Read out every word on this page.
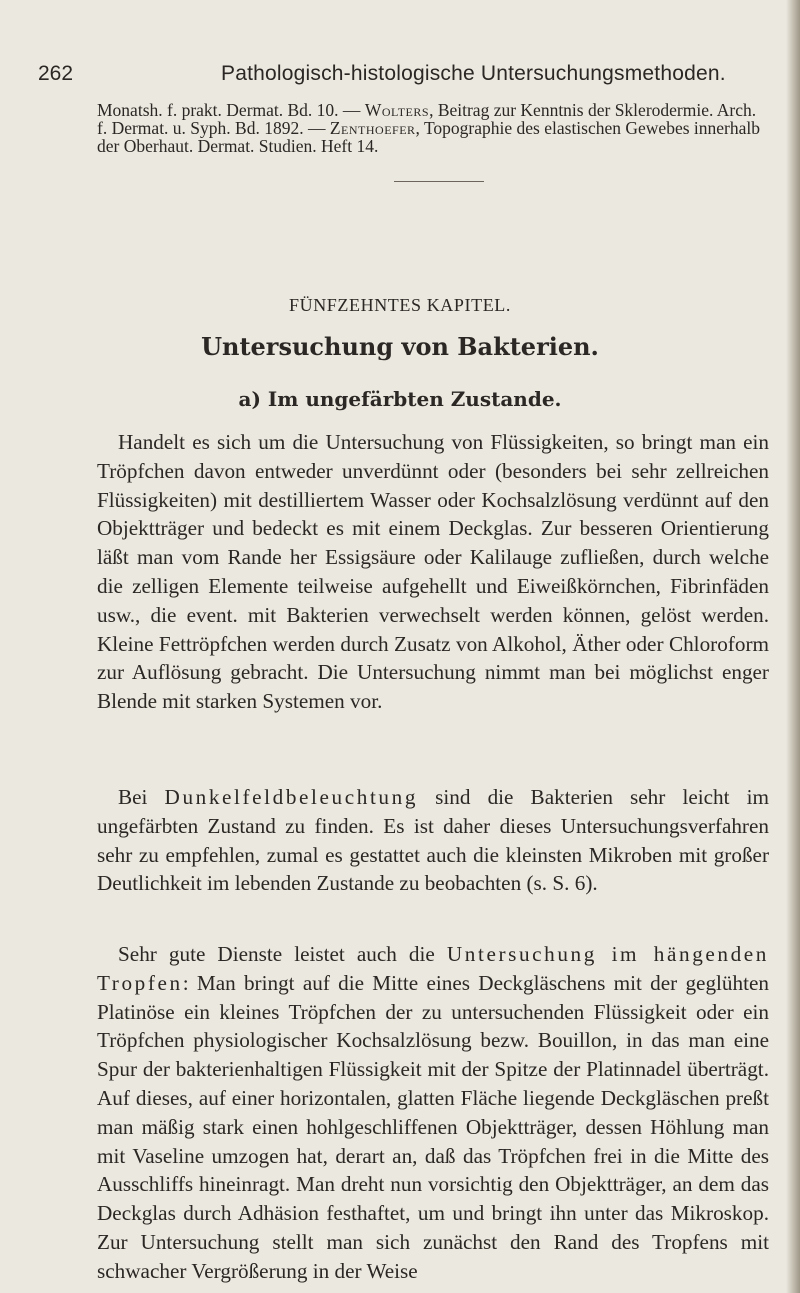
262	Pathologisch-histologische Untersuchungsmethoden.

Monatsh. f. prakt. Dermat. Bd. 10. — Wolters, Beitrag zur Kenntnis der Sklerodermie. Arch. f. Dermat. u. Syph. Bd. 1892. — Zenthoefer, Topographie des elastischen Gewebes innerhalb der Oberhaut. Dermat. Studien. Heft 14.

FÜNFZEHNTES KAPITEL.
Untersuchung von Bakterien.
a) Im ungefärbten Zustande.

Handelt es sich um die Untersuchung von Flüssigkeiten, so bringt man ein Tröpfchen davon entweder unverdünnt oder (besonders bei sehr zellreichen Flüssigkeiten) mit destilliertem Wasser oder Kochsalzlösung verdünnt auf den Objektträger und bedeckt es mit einem Deckglas. Zur besseren Orientierung läßt man vom Rande her Essigsäure oder Kalilauge zufließen, durch welche die zelligen Elemente teilweise aufgehellt und Eiweißkörnchen, Fibrinfäden usw., die event. mit Bakterien verwechselt werden können, gelöst werden. Kleine Fettröpfchen werden durch Zusatz von Alkohol, Äther oder Chloroform zur Auflösung gebracht. Die Untersuchung nimmt man bei möglichst enger Blende mit starken Systemen vor.

Bei Dunkelfeldbeleuchtung sind die Bakterien sehr leicht im ungefärbten Zustand zu finden. Es ist daher dieses Untersuchungsverfahren sehr zu empfehlen, zumal es gestattet auch die kleinsten Mikroben mit großer Deutlichkeit im lebenden Zustande zu beobachten (s. S. 6).

Sehr gute Dienste leistet auch die Untersuchung im hängenden Tropfen: Man bringt auf die Mitte eines Deckgläschens mit der geglühten Platinöse ein kleines Tröpfchen der zu untersuchenden Flüssigkeit oder ein Tröpfchen physiologischer Kochsalzlösung bezw. Bouillon, in das man eine Spur der bakterienhaltigen Flüssigkeit mit der Spitze der Platinnadel überträgt. Auf dieses, auf einer horizontalen, glatten Fläche liegende Deckgläschen preßt man mäßig stark einen hohlgeschliffenen Objektträger, dessen Höhlung man mit Vaseline umzogen hat, derart an, daß das Tröpfchen frei in die Mitte des Ausschliffs hineinragt. Man dreht nun vorsichtig den Objektträger, an dem das Deckglas durch Adhäsion festhaftet, um und bringt ihn unter das Mikroskop. Zur Untersuchung stellt man sich zunächst den Rand des Tropfens mit schwacher Vergrößerung in der Weise
